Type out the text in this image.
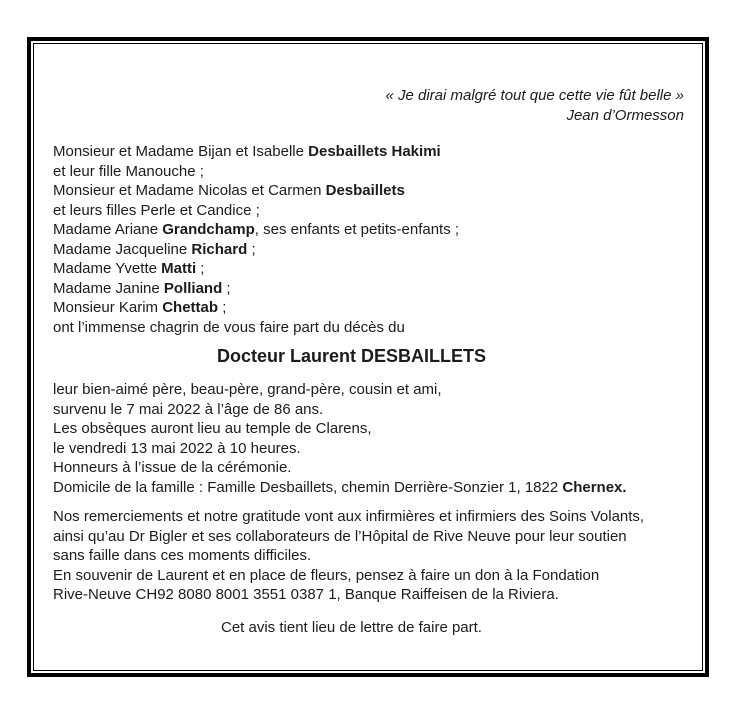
« Je dirai malgré tout que cette vie fût belle »
Jean d’Ormesson
Monsieur et Madame Bijan et Isabelle Desbaillets Hakimi
et leur fille Manouche ;
Monsieur et Madame Nicolas et Carmen Desbaillets
et leurs filles Perle et Candice ;
Madame Ariane Grandchamp, ses enfants et petits-enfants ;
Madame Jacqueline Richard ;
Madame Yvette Matti ;
Madame Janine Polliand ;
Monsieur Karim Chettab ;
ont l’immense chagrin de vous faire part du décès du
Docteur Laurent DESBAILLETS
leur bien-aimé père, beau-père, grand-père, cousin et ami,
survenu le 7 mai 2022 à l’âge de 86 ans.
Les obsèques auront lieu au temple de Clarens,
le vendredi 13 mai 2022 à 10 heures.
Honneurs à l’issue de la cérémonie.
Domicile de la famille : Famille Desbaillets, chemin Derrière-Sonzier 1, 1822 Chernex.
Nos remerciements et notre gratitude vont aux infirmières et infirmiers des Soins Volants,
ainsi qu’au Dr Bigler et ses collaborateurs de l’Hôpital de Rive Neuve pour leur soutien
sans faille dans ces moments difficiles.
En souvenir de Laurent et en place de fleurs, pensez à faire un don à la Fondation
Rive-Neuve CH92 8080 8001 3551 0387 1, Banque Raiffeisen de la Riviera.
Cet avis tient lieu de lettre de faire part.
